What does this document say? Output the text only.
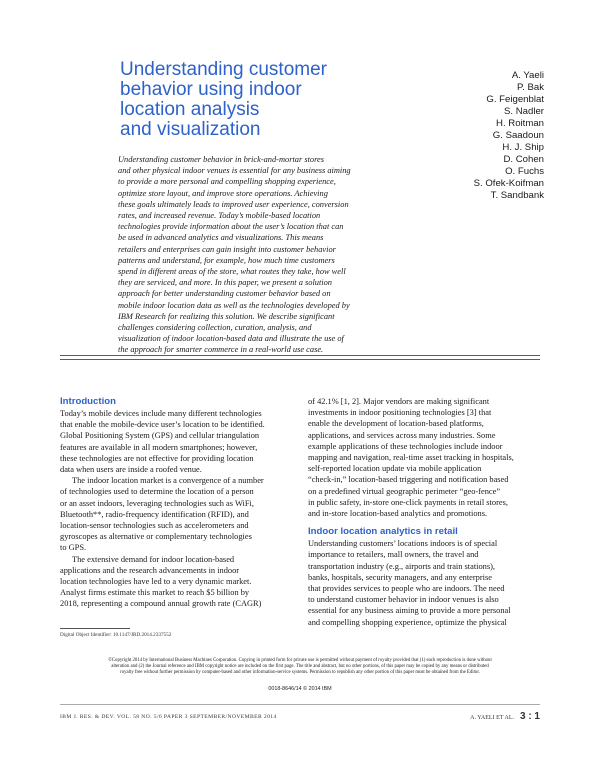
Understanding customer
behavior using indoor
location analysis
and visualization
A. Yaeli
P. Bak
G. Feigenblat
S. Nadler
H. Roitman
G. Saadoun
H. J. Ship
D. Cohen
O. Fuchs
S. Ofek-Koifman
T. Sandbank
Understanding customer behavior in brick-and-mortar stores
and other physical indoor venues is essential for any business aiming
to provide a more personal and compelling shopping experience,
optimize store layout, and improve store operations. Achieving
these goals ultimately leads to improved user experience, conversion
rates, and increased revenue. Today’s mobile-based location
technologies provide information about the user’s location that can
be used in advanced analytics and visualizations. This means
retailers and enterprises can gain insight into customer behavior
patterns and understand, for example, how much time customers
spend in different areas of the store, what routes they take, how well
they are serviced, and more. In this paper, we present a solution
approach for better understanding customer behavior based on
mobile indoor location data as well as the technologies developed by
IBM Research for realizing this solution. We describe significant
challenges considering collection, curation, analysis, and
visualization of indoor location-based data and illustrate the use of
the approach for smarter commerce in a real-world use case.
Introduction
Today’s mobile devices include many different technologies
that enable the mobile-device user’s location to be identified.
Global Positioning System (GPS) and cellular triangulation
features are available in all modern smartphones; however,
these technologies are not effective for providing location
data when users are inside a roofed venue.
The indoor location market is a convergence of a number
of technologies used to determine the location of a person
or an asset indoors, leveraging technologies such as WiFi,
Bluetooth**, radio-frequency identification (RFID), and
location-sensor technologies such as accelerometers and
gyroscopes as alternative or complementary technologies
to GPS.
The extensive demand for indoor location-based
applications and the research advancements in indoor
location technologies have led to a very dynamic market.
Analyst firms estimate this market to reach $5 billion by
2018, representing a compound annual growth rate (CAGR)
of 42.1% [1, 2]. Major vendors are making significant
investments in indoor positioning technologies [3] that
enable the development of location-based platforms,
applications, and services across many industries. Some
example applications of these technologies include indoor
mapping and navigation, real-time asset tracking in hospitals,
self-reported location update via mobile application
“check-in,” location-based triggering and notification based
on a predefined virtual geographic perimeter “geo-fence”
in public safety, in-store one-click payments in retail stores,
and in-store location-based analytics and promotions.
Indoor location analytics in retail
Understanding customers’ locations indoors is of special
importance to retailers, mall owners, the travel and
transportation industry (e.g., airports and train stations),
banks, hospitals, security managers, and any enterprise
that provides services to people who are indoors. The need
to understand customer behavior in indoor venues is also
essential for any business aiming to provide a more personal
and compelling shopping experience, optimize the physical
Digital Object Identifier: 10.1147/JRD.2014.2337552
©Copyright 2014 by International Business Machines Corporation. Copying in printed form for private use is permitted without payment of royalty provided that (1) each reproduction is done without
alteration and (2) the Journal reference and IBM copyright notice are included on the first page. The title and abstract, but no other portions, of this paper may be copied by any means or distributed
royalty free without further permission by computer-based and other information-service systems. Permission to republish any other portion of this paper must be obtained from the Editor.
0018-8646/14 © 2014 IBM
IBM J. RES. & DEV. VOL. 58 NO. 5/6 PAPER 3 SEPTEMBER/NOVEMBER 2014	A. YAELI ET AL. 3 : 1
